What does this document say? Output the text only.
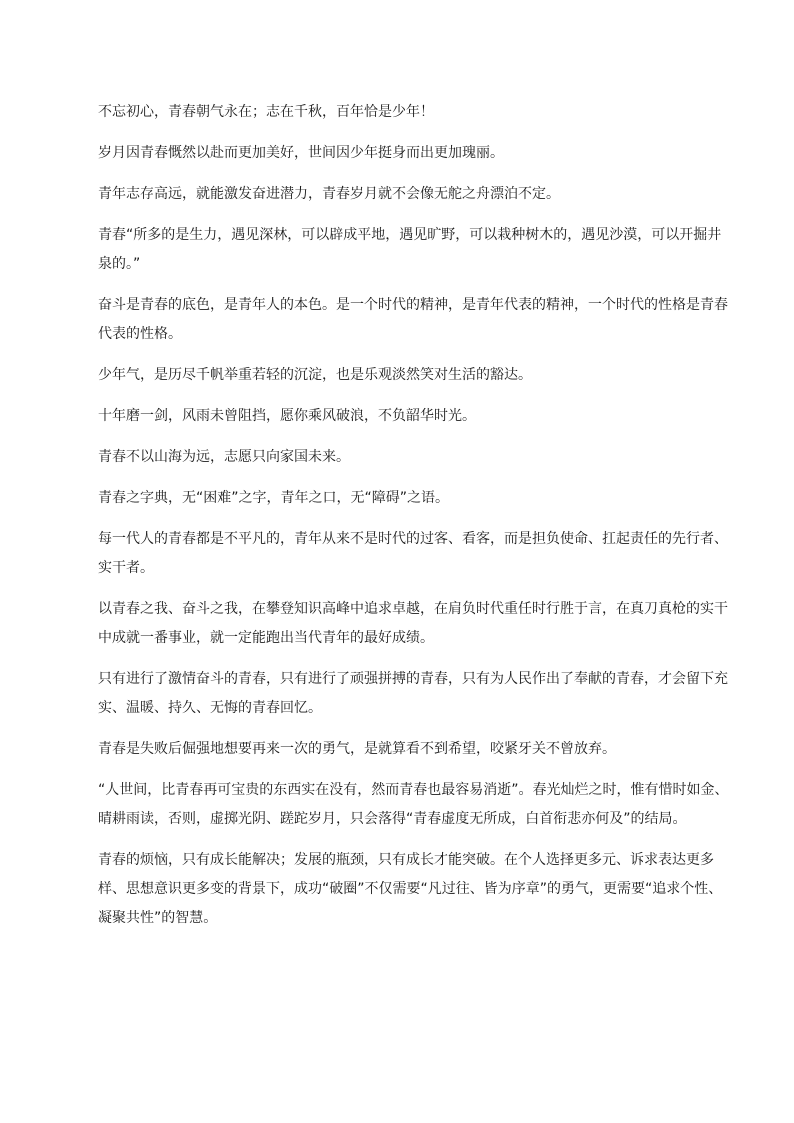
不忘初心，青春朝气永在；志在千秋，百年恰是少年！

岁月因青春慨然以赴而更加美好，世间因少年挺身而出更加瑰丽。

青年志存高远，就能激发奋进潜力，青春岁月就不会像无舵之舟漂泊不定。

青春“所多的是生力，遇见深林，可以辟成平地，遇见旷野，可以栽种树木的，遇见沙漠，可以开掘井泉的。”

奋斗是青春的底色，是青年人的本色。是一个时代的精神，是青年代表的精神，一个时代的性格是青春代表的性格。

少年气，是历尽千帆举重若轻的沉淀，也是乐观淡然笑对生活的豁达。

十年磨一剑，风雨未曾阻挡，愿你乘风破浪，不负韶华时光。

青春不以山海为远，志愿只向家国未来。

青春之字典，无“困难”之字，青年之口，无“障碍”之语。

每一代人的青春都是不平凡的，青年从来不是时代的过客、看客，而是担负使命、扛起责任的先行者、实干者。

以青春之我、奋斗之我，在攀登知识高峰中追求卓越，在肩负时代重任时行胜于言，在真刀真枪的实干中成就一番事业，就一定能跑出当代青年的最好成绩。

只有进行了激情奋斗的青春，只有进行了顽强拼搏的青春，只有为人民作出了奉献的青春，才会留下充实、温暖、持久、无悔的青春回忆。

青春是失败后倔强地想要再来一次的勇气，是就算看不到希望，咬紧牙关不曾放弃。

“人世间，比青春再可宝贵的东西实在没有，然而青春也最容易消逝”。春光灿烂之时，惟有惜时如金、晴耕雨读，否则，虚掷光阴、蹉跎岁月，只会落得“青春虚度无所成，白首衔悲亦何及”的结局。

青春的烦恼，只有成长能解决；发展的瓶颈，只有成长才能突破。在个人选择更多元、诉求表达更多样、思想意识更多变的背景下，成功“破圈”不仅需要“凡过往、皆为序章”的勇气，更需要“追求个性、凝聚共性”的智慧。
